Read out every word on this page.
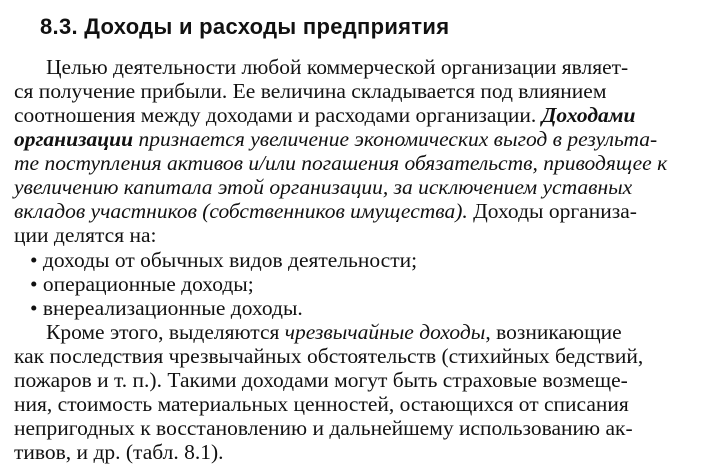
8.3. Доходы и расходы предприятия
Целью деятельности любой коммерческой организации являет-
ся получение прибыли. Ее величина складывается под влиянием
соотношения между доходами и расходами организации. Доходами
организации признается увеличение экономических выгод в результа-
те поступления активов и/или погашения обязательств, приводящее к
увеличению капитала этой организации, за исключением уставных
вкладов участников (собственников имущества). Доходы организа-
ции делятся на:
• доходы от обычных видов деятельности;
• операционные доходы;
• внереализационные доходы.
Кроме этого, выделяются чрезвычайные доходы, возникающие
как последствия чрезвычайных обстоятельств (стихийных бедствий,
пожаров и т. п.). Такими доходами могут быть страховые возмеще-
ния, стоимость материальных ценностей, остающихся от списания
непригодных к восстановлению и дальнейшему использованию ак-
тивов, и др. (табл. 8.1).
